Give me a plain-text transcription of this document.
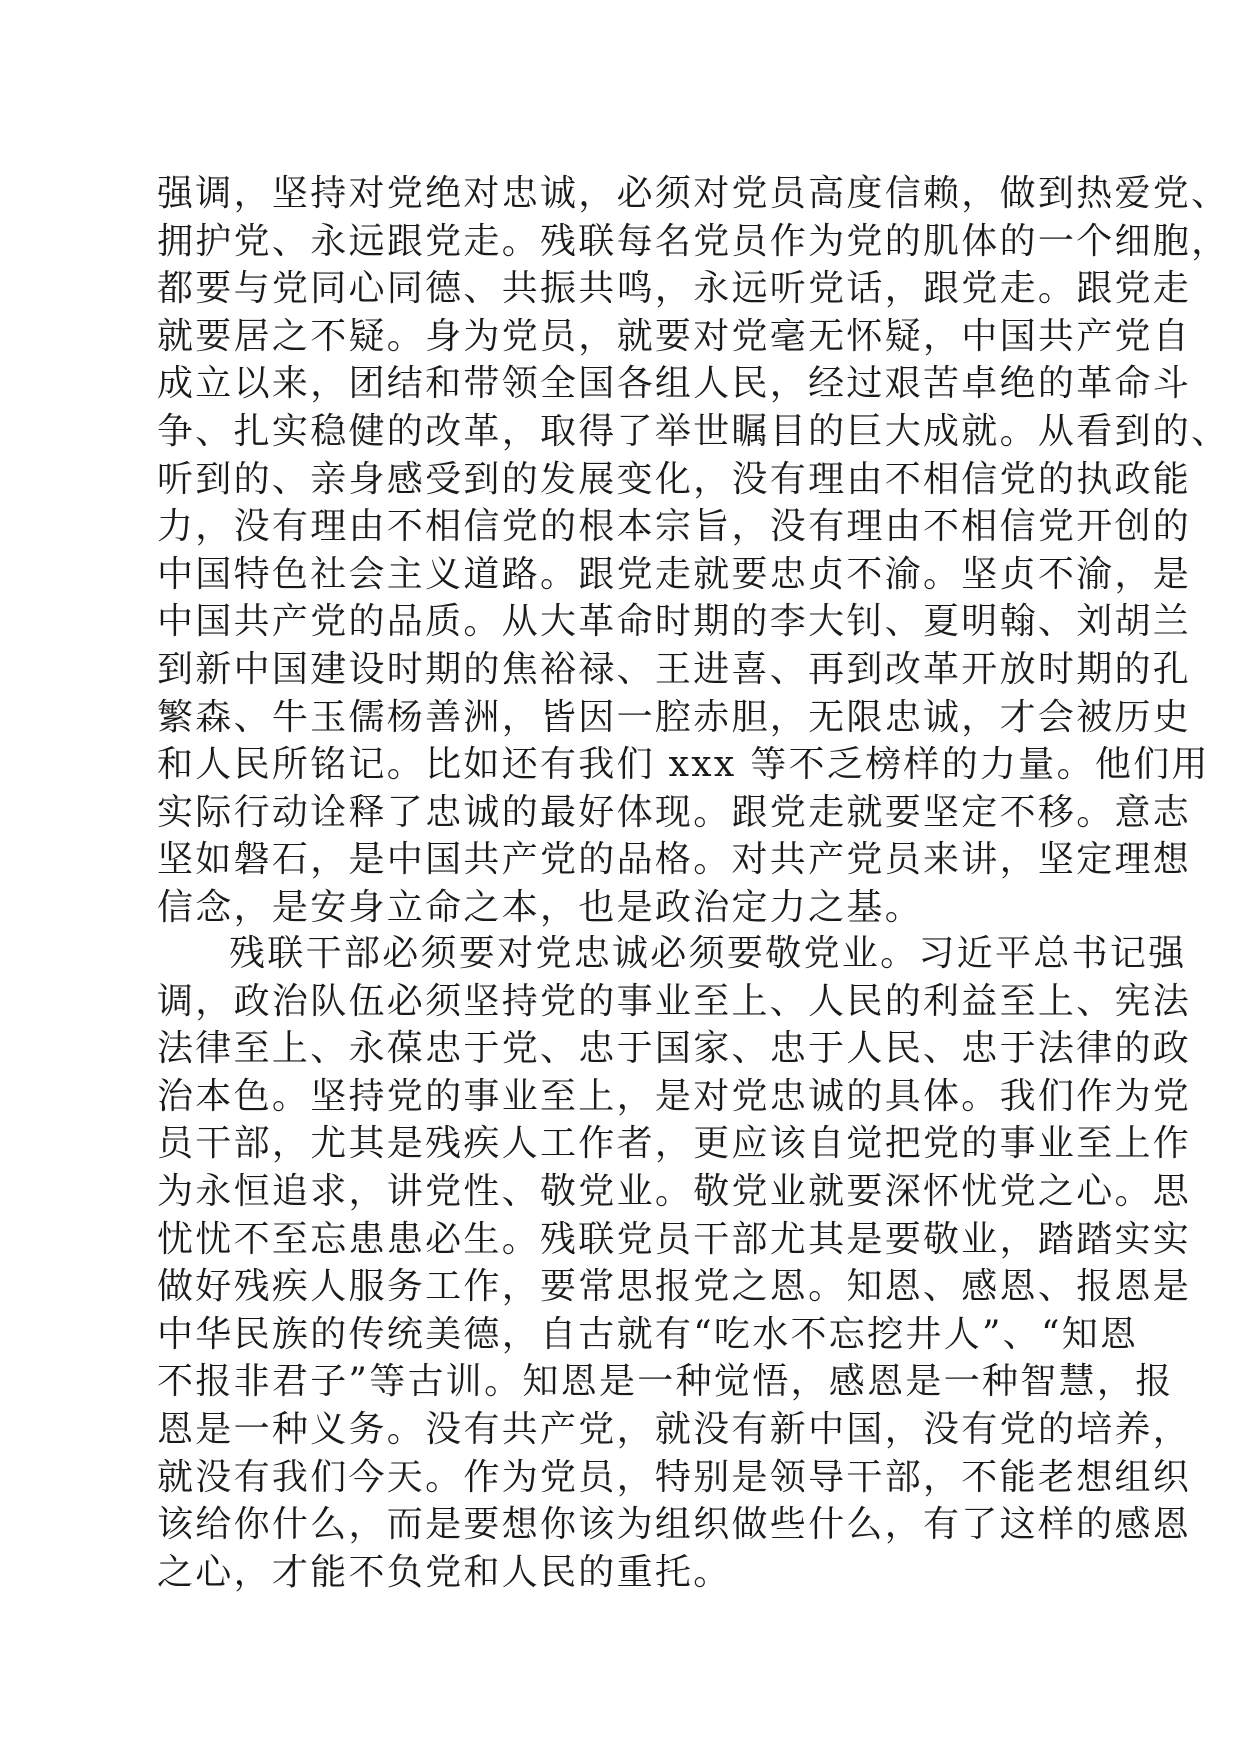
强调，坚持对党绝对忠诚，必须对党员高度信赖，做到热爱党、
拥护党、永远跟党走。残联每名党员作为党的肌体的一个细胞，
都要与党同心同德、共振共鸣，永远听党话，跟党走。跟党走
就要居之不疑。身为党员，就要对党毫无怀疑，中国共产党自
成立以来，团结和带领全国各组人民，经过艰苦卓绝的革命斗
争、扎实稳健的改革，取得了举世瞩目的巨大成就。从看到的、
听到的、亲身感受到的发展变化，没有理由不相信党的执政能
力，没有理由不相信党的根本宗旨，没有理由不相信党开创的
中国特色社会主义道路。跟党走就要忠贞不渝。坚贞不渝，是
中国共产党的品质。从大革命时期的李大钊、夏明翰、刘胡兰
到新中国建设时期的焦裕禄、王进喜、再到改革开放时期的孔
繁森、牛玉儒杨善洲，皆因一腔赤胆，无限忠诚，才会被历史
和人民所铭记。比如还有我们 xxx 等不乏榜样的力量。他们用
实际行动诠释了忠诚的最好体现。跟党走就要坚定不移。意志
坚如磐石，是中国共产党的品格。对共产党员来讲，坚定理想
信念，是安身立命之本，也是政治定力之基。
残联干部必须要对党忠诚必须要敬党业。习近平总书记强
调，政治队伍必须坚持党的事业至上、人民的利益至上、宪法
法律至上、永葆忠于党、忠于国家、忠于人民、忠于法律的政
治本色。坚持党的事业至上，是对党忠诚的具体。我们作为党
员干部，尤其是残疾人工作者，更应该自觉把党的事业至上作
为永恒追求，讲党性、敬党业。敬党业就要深怀忧党之心。思
忧忧不至忘患患必生。残联党员干部尤其是要敬业，踏踏实实
做好残疾人服务工作，要常思报党之恩。知恩、感恩、报恩是
中华民族的传统美德，自古就有“吃水不忘挖井人”、“知恩
不报非君子”等古训。知恩是一种觉悟，感恩是一种智慧，报
恩是一种义务。没有共产党，就没有新中国，没有党的培养，
就没有我们今天。作为党员，特别是领导干部，不能老想组织
该给你什么，而是要想你该为组织做些什么，有了这样的感恩
之心，才能不负党和人民的重托。
